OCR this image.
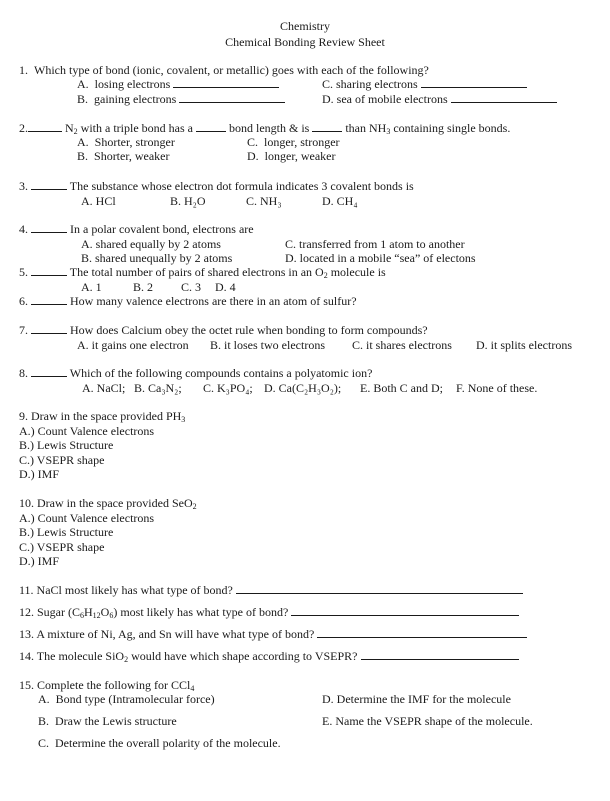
Chemistry
Chemical Bonding Review Sheet
1. Which type of bond (ionic, covalent, or metallic) goes with each of the following?
A. losing electrons
B. gaining electrons
C. sharing electrons
D. sea of mobile electrons
2.	$N_2$ with a triple bond has a	bond length & is	than $NH_3$ containing single bonds.
A. Shorter, stronger
B. Shorter, weaker
C. longer, stronger
D. longer, weaker
3.	The substance whose electron dot formula indicates 3 covalent bonds is
A. HCl	B. H₂O	C. NH₃	D. CH₄
4.	In a polar covalent bond, electrons are
A. shared equally by 2 atoms
B. shared unequally by 2 atoms
C. transferred from 1 atom to another
D. located in a mobile “sea” of electons
5.	The total number of pairs of shared electrons in an $O_2$ molecule is
A. 1	B. 2 C. 3 D. 4
6.	How many valence electrons are there in an atom of sulfur?
7.	How does Calcium obey the octet rule when bonding to form compounds?
A. it gains one electron B. it loses two electrons C. it shares electrons D. it splits electrons
8.	Which of the following compounds contains a polyatomic ion?
A. NaCl; B. Ca₃N₂; C. K₃PO₄; D. Ca(C₂H₃O₂); E. Both C and D; F. None of these.
9. Draw in the space provided $PH_3$
A.) Count Valence electrons
B.) Lewis Structure
C.) VSEPR shape
D.) IMF
10. Draw in the space provided SeO$_2$
A.) Count Valence electrons
B.) Lewis Structure
C.) VSEPR shape
D.) IMF
11. NaCl most likely has what type of bond?
12. Sugar $(C_6H_{12}O_6)$ most likely has what type of bond?
13. A mixture of Ni, Ag, and Sn will have what type of bond?
14. The molecule SiO$_2$ would have which shape according to VSEPR?
15. Complete the following for CCl$_4$
A. Bond type (Intramolecular force)
B. Draw the Lewis structure
C. Determine the overall polarity of the molecule.
D. Determine the IMF for the molecule
E. Name the VSEPR shape of the molecule.
